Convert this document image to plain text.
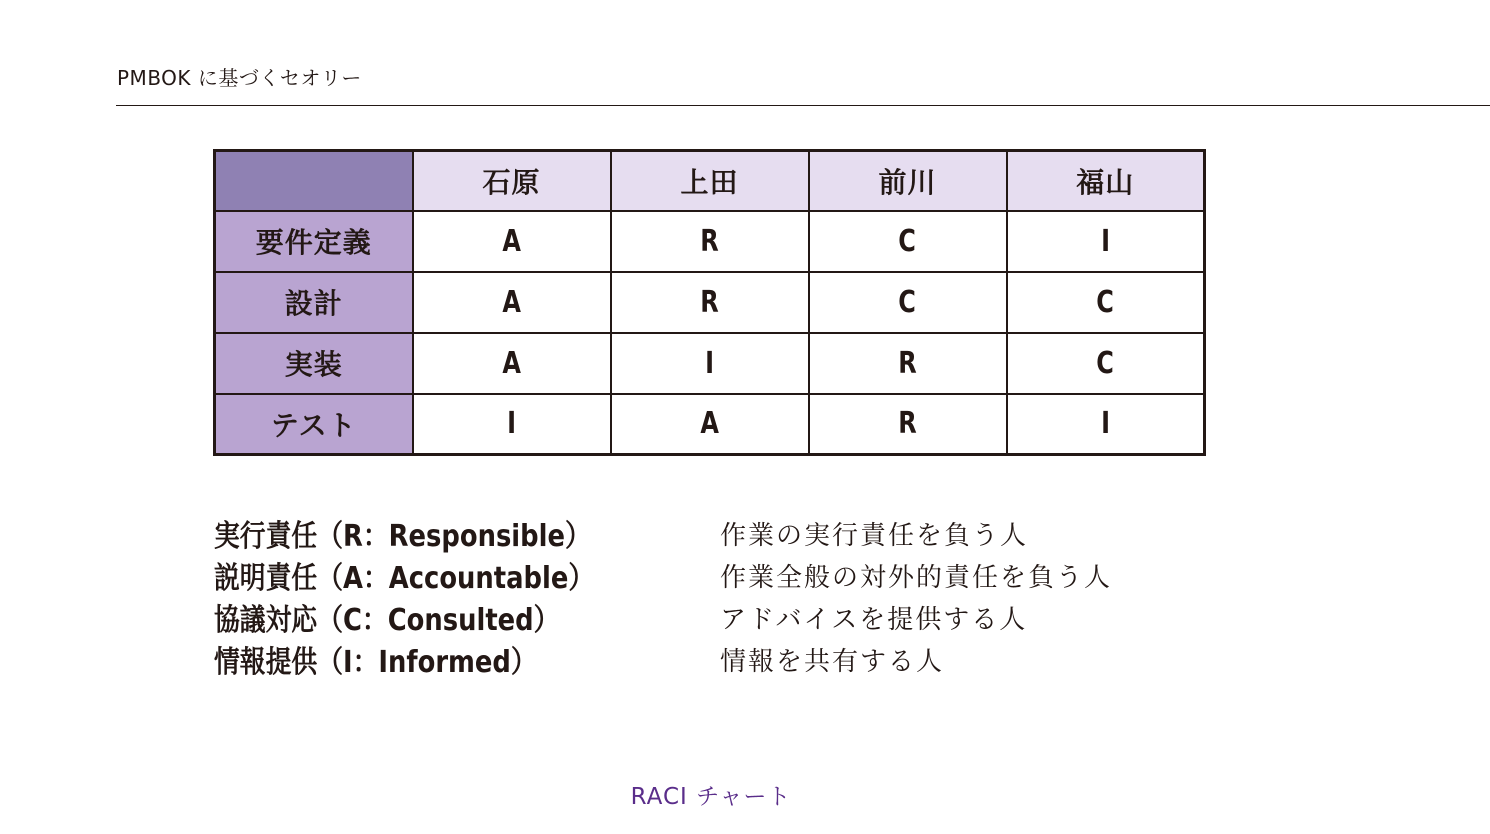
PMBOK に基づくセオリー
	石原	上田	前川	福山
要件定義	A	R	C	I
設計	A	R	C	C
実装	A	I	R	C
テスト	I	A	R	I
実行責任（R：Responsible）	作業の実行責任を負う人
説明責任（A：Accountable）	作業全般の対外的責任を負う人
協議対応（C：Consulted）	アドバイスを提供する人
情報提供（I：Informed）	情報を共有する人
RACI チャート
